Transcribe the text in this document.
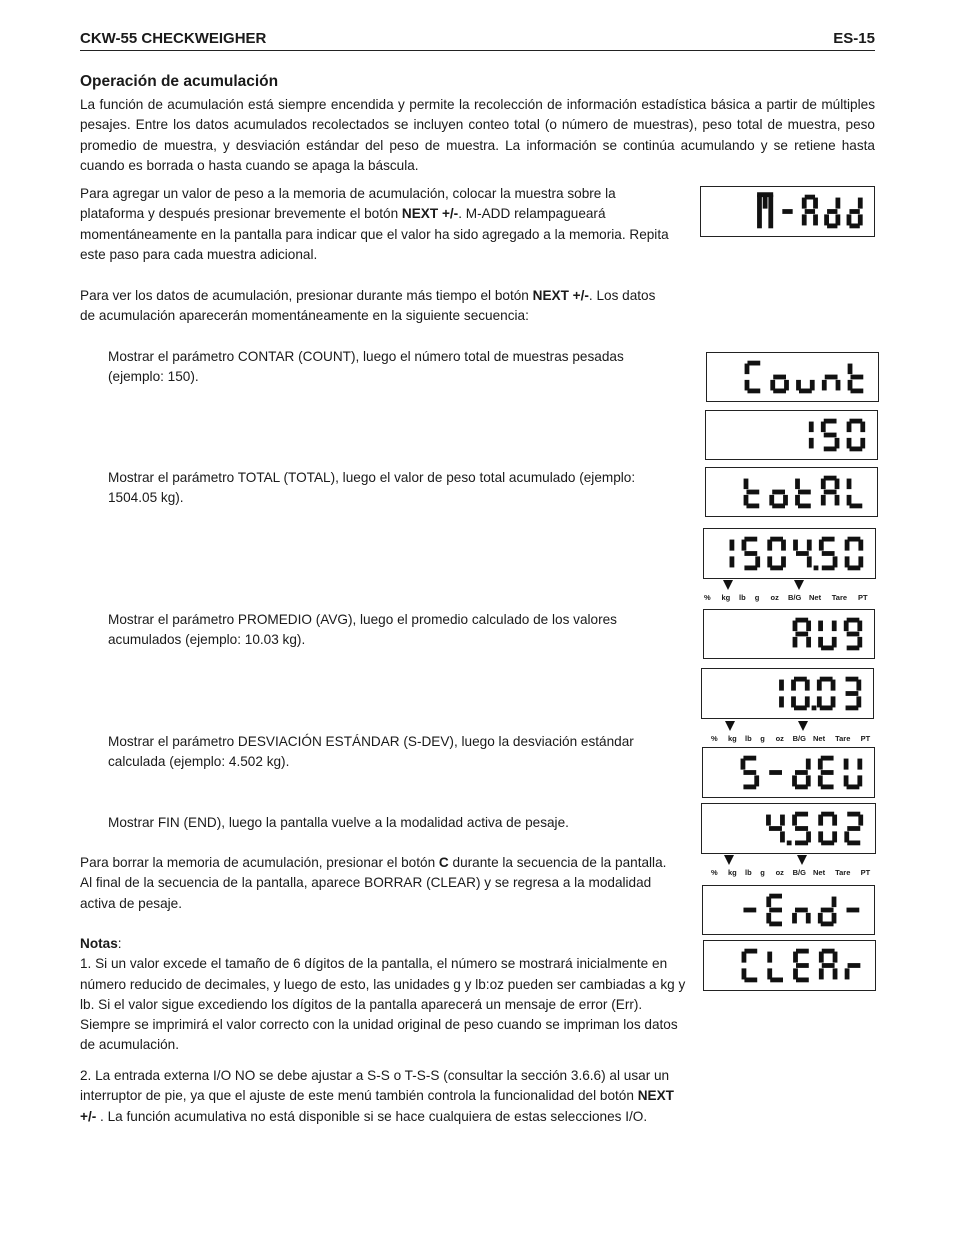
CKW-55 CHECKWEIGHER	ES-15
Operación de acumulación
La función de acumulación está siempre encendida y permite la recolección de información estadística básica a partir de múltiples pesajes. Entre los datos acumulados recolectados se incluyen conteo total (o número de muestras), peso total de muestra, peso promedio de muestra, y desviación estándar del peso de muestra. La información se continúa acumulando y se retiene hasta cuando es borrada o hasta cuando se apaga la báscula.
Para agregar un valor de peso a la memoria de acumulación, colocar la muestra sobre la plataforma y después presionar brevemente el botón NEXT +/-. M-ADD relampagueará momentáneamente en la pantalla para indicar que el valor ha sido agregado a la memoria. Repita este paso para cada muestra adicional.
Para ver los datos de acumulación, presionar durante más tiempo el botón NEXT +/-. Los datos de acumulación aparecerán momentáneamente en la siguiente secuencia:
Mostrar el parámetro CONTAR (COUNT), luego el número total de muestras pesadas (ejemplo: 150).
Mostrar el parámetro TOTAL (TOTAL), luego el valor de peso total acumulado (ejemplo: 1504.05 kg).
Mostrar el parámetro PROMEDIO (AVG), luego el promedio calculado de los valores acumulados (ejemplo: 10.03 kg).
Mostrar el parámetro DESVIACIÓN ESTÁNDAR (S-DEV), luego la desviación estándar calculada (ejemplo: 4.502 kg).
Mostrar FIN (END), luego la pantalla vuelve a la modalidad activa de pesaje.
Para borrar la memoria de acumulación, presionar el botón C durante la secuencia de la pantalla. Al final de la secuencia de la pantalla, aparece BORRAR (CLEAR) y se regresa a la modalidad activa de pesaje.
Notas:
1. Si un valor excede el tamaño de 6 dígitos de la pantalla, el número se mostrará inicialmente en número reducido de decimales, y luego de esto, las unidades g y lb:oz pueden ser cambiadas a kg y lb. Si el valor sigue excediendo los dígitos de la pantalla aparecerá un mensaje de error (Err). Siempre se imprimirá el valor correcto con la unidad original de peso cuando se impriman los datos de acumulación.
2. La entrada externa I/O NO se debe ajustar a S-S o T-S-S (consultar la sección 3.6.6) al usar un interruptor de pie, ya que el ajuste de este menú también controla la funcionalidad del botón NEXT +/- . La función acumulativa no está disponible si se hace cualquiera de estas selecciones I/O.
% kg lb g oz B/G Net Tare PT
% kg lb g oz B/G Net Tare PT
% kg lb g oz B/G Net Tare PT
